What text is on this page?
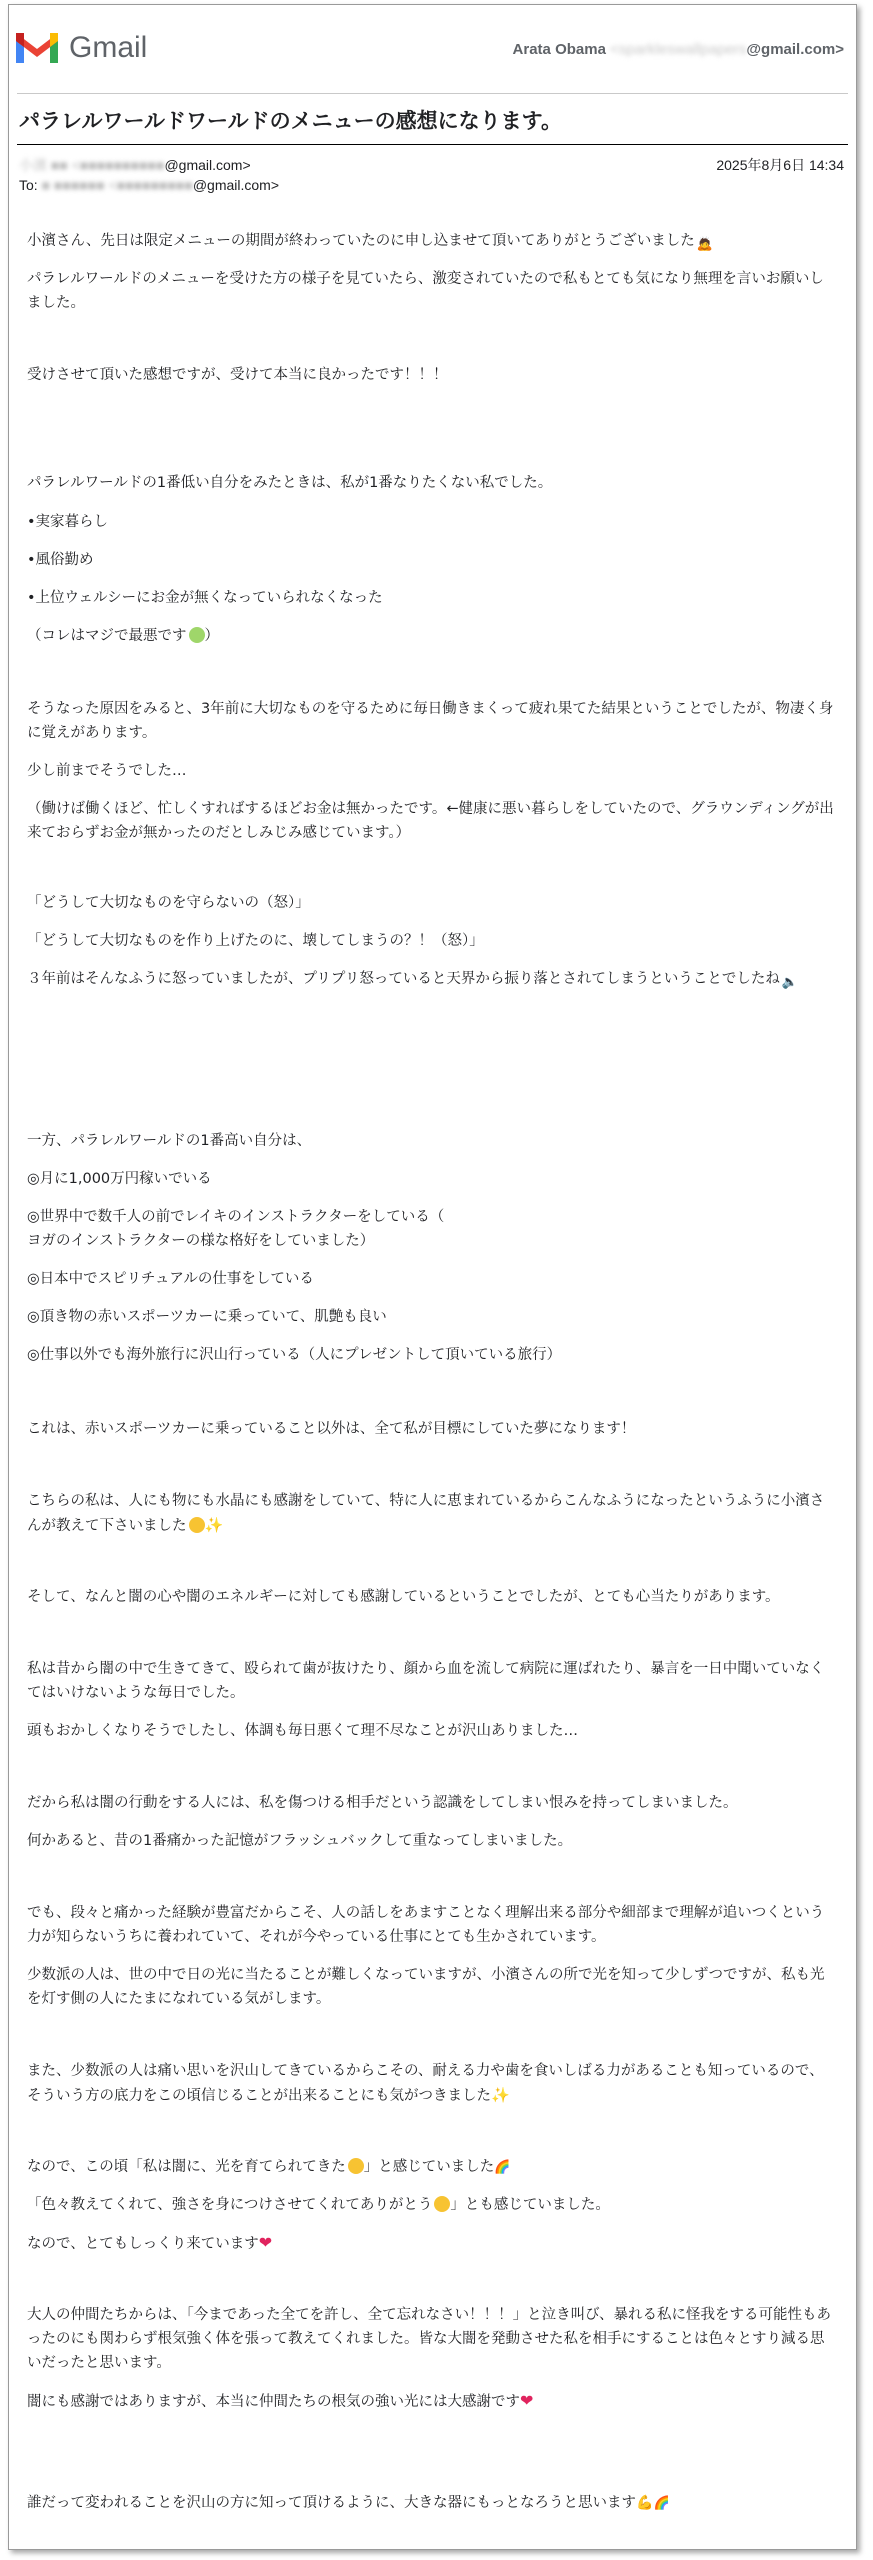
Gmail	Arata Obama <sparkleswallpapers@gmail.com>
パラレルワールドワールドのメニューの感想になります。
小濱 ■■ <■■■■■■■■■■@gmail.com>	2025年8月6日 14:34
To: ■ ■■■■■■ <■■■■■■■■■@gmail.com>
小濱さん、先日は限定メニューの期間が終わっていたのに申し込ませて頂いてありがとうございました 🙇
パラレルワールドのメニューを受けた方の様子を見ていたら、激変されていたので私もとても気になり無理を言いお願いしました。
受けさせて頂いた感想ですが、受けて本当に良かったです！！！
パラレルワールドの1番低い自分をみたときは、私が1番なりたくない私でした。
•実家暮らし
•風俗勤め
•上位ウェルシーにお金が無くなっていられなくなった
（コレはマジで最悪です ）
そうなった原因をみると、3年前に大切なものを守るために毎日働きまくって疲れ果てた結果ということでしたが、物凄く身に覚えがあります。
少し前までそうでした…
（働けば働くほど、忙しくすればするほどお金は無かったです。←健康に悪い暮らしをしていたので、グラウンディングが出来ておらずお金が無かったのだとしみじみ感じています。）
「どうして大切なものを守らないの（怒）」
「どうして大切なものを作り上げたのに、壊してしまうの？！（怒）」
３年前はそんなふうに怒っていましたが、プリプリ怒っていると天界から振り落とされてしまうということでしたね 🔈
一方、パラレルワールドの1番高い自分は、
◎月に1,000万円稼いでいる
◎世界中で数千人の前でレイキのインストラクターをしている（
ヨガのインストラクターの様な格好をしていました）
◎日本中でスピリチュアルの仕事をしている
◎頂き物の赤いスポーツカーに乗っていて、肌艶も良い
◎仕事以外でも海外旅行に沢山行っている（人にプレゼントして頂いている旅行）
これは、赤いスポーツカーに乗っていること以外は、全て私が目標にしていた夢になります！
こちらの私は、人にも物にも水晶にも感謝をしていて、特に人に恵まれているからこんなふうになったというふうに小濱さんが教えて下さいました ✨
そして、なんと闇の心や闇のエネルギーに対しても感謝しているということでしたが、とても心当たりがあります。
私は昔から闇の中で生きてきて、殴られて歯が抜けたり、顔から血を流して病院に運ばれたり、暴言を一日中聞いていなくてはいけないような毎日でした。
頭もおかしくなりそうでしたし、体調も毎日悪くて理不尽なことが沢山ありました…
だから私は闇の行動をする人には、私を傷つける相手だという認識をしてしまい恨みを持ってしまいました。
何かあると、昔の1番痛かった記憶がフラッシュバックして重なってしまいました。
でも、段々と痛かった経験が豊富だからこそ、人の話しをあますことなく理解出来る部分や細部まで理解が追いつくという力が知らないうちに養われていて、それが今やっている仕事にとても生かされています。
少数派の人は、世の中で日の光に当たることが難しくなっていますが、小濱さんの所で光を知って少しずつですが、私も光を灯す側の人にたまになれている気がします。
また、少数派の人は痛い思いを沢山してきているからこその、耐える力や歯を食いしばる力があることも知っているので、そういう方の底力をこの頃信じることが出来ることにも気がつきました✨
なので、この頃「私は闇に、光を育てられてきた 」と感じていました🌈
「色々教えてくれて、強さを身につけさせてくれてありがとう 」とも感じていました。
なので、とてもしっくり来ています❤
大人の仲間たちからは、「今まであった全てを許し、全て忘れなさい！！！」と泣き叫び、暴れる私に怪我をする可能性もあったのにも関わらず根気強く体を張って教えてくれました。皆な大闇を発動させた私を相手にすることは色々とすり減る思いだったと思います。
闇にも感謝ではありますが、本当に仲間たちの根気の強い光には大感謝です❤
誰だって変われることを沢山の方に知って頂けるように、大きな器にもっとなろうと思います💪🌈
